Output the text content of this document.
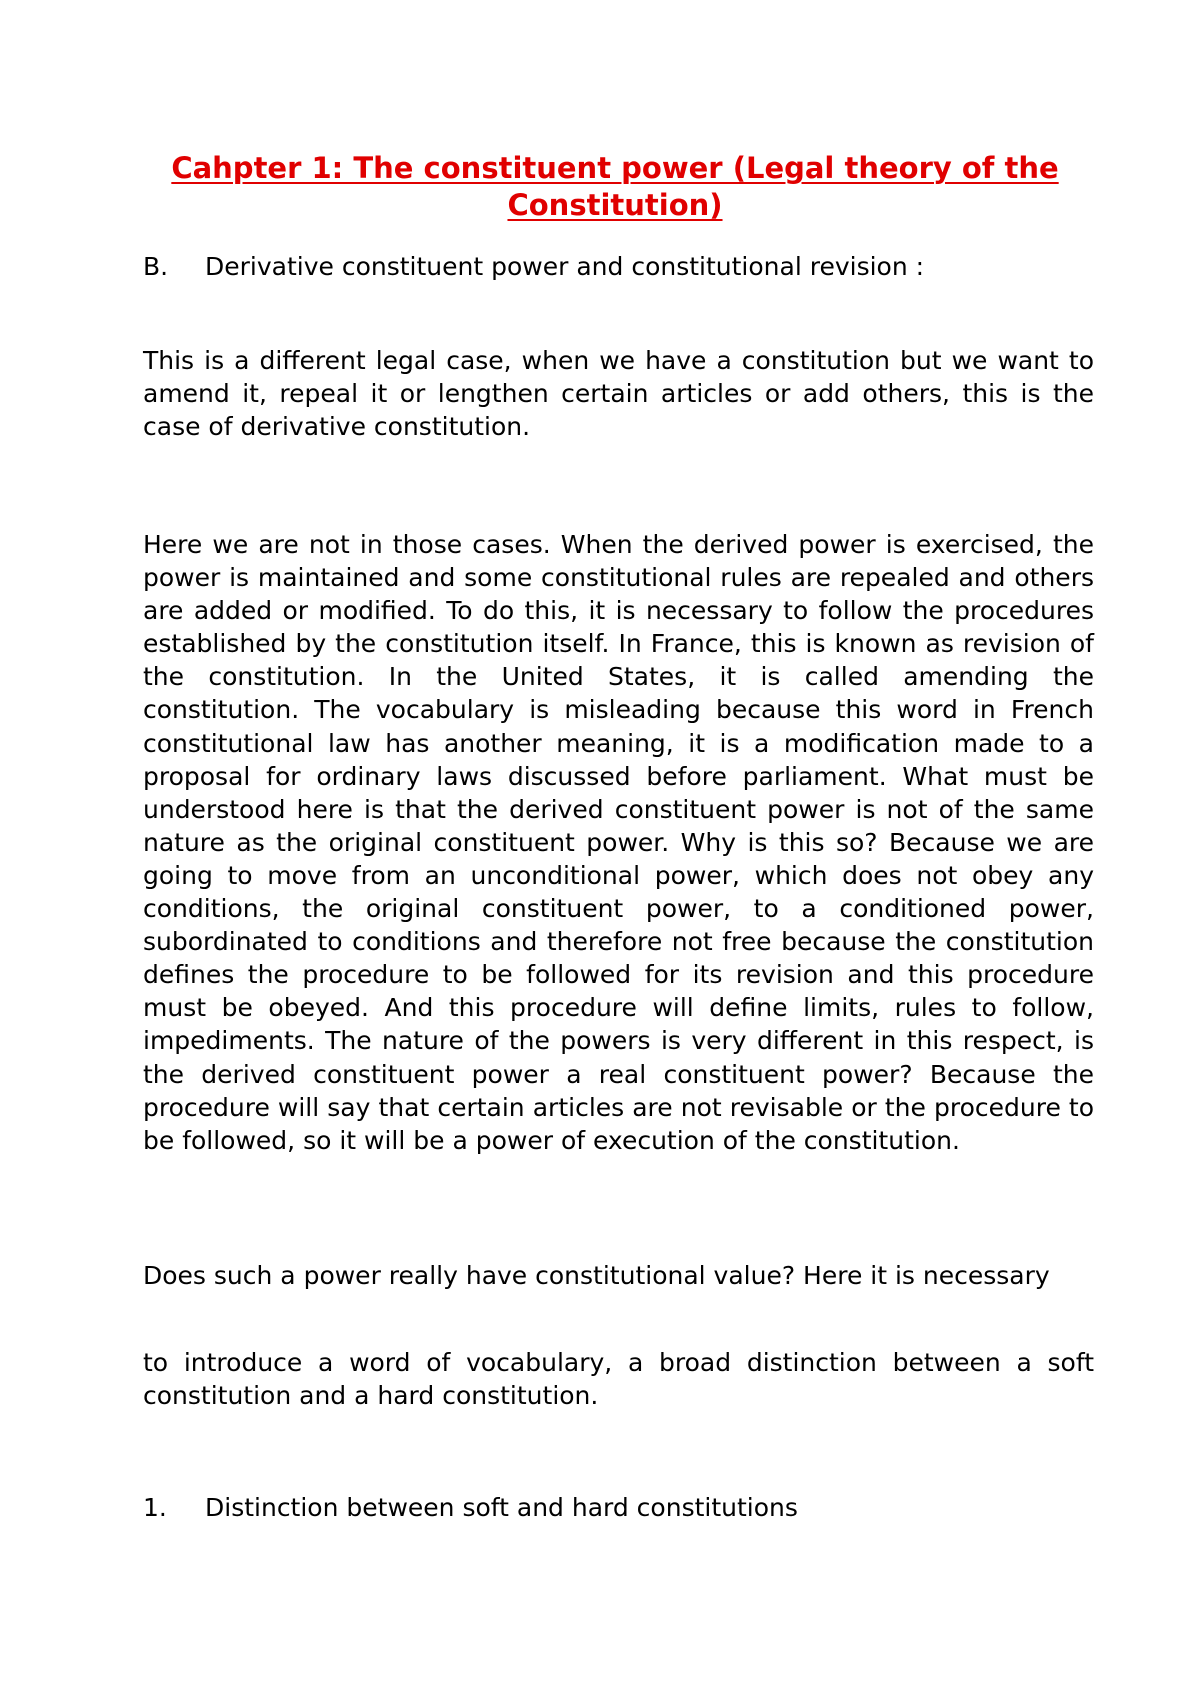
Cahpter 1: The constituent power (Legal theory of the Constitution)
B. Derivative constituent power and constitutional revision :

This is a different legal case, when we have a constitution but we want to amend it, repeal it or lengthen certain articles or add others, this is the case of derivative constitution.

Here we are not in those cases. When the derived power is exercised, the power is maintained and some constitutional rules are repealed and others are added or modified. To do this, it is necessary to follow the procedures established by the constitution itself. In France, this is known as revision of the constitution. In the United States, it is called amending the constitution. The vocabulary is misleading because this word in French constitutional law has another meaning, it is a modification made to a proposal for ordinary laws discussed before parliament. What must be understood here is that the derived constituent power is not of the same nature as the original constituent power. Why is this so? Because we are going to move from an unconditional power, which does not obey any conditions, the original constituent power, to a conditioned power, subordinated to conditions and therefore not free because the constitution defines the procedure to be followed for its revision and this procedure must be obeyed. And this procedure will define limits, rules to follow, impediments. The nature of the powers is very different in this respect, is the derived constituent power a real constituent power? Because the procedure will say that certain articles are not revisable or the procedure to be followed, so it will be a power of execution of the constitution.

Does such a power really have constitutional value? Here it is necessary

to introduce a word of vocabulary, a broad distinction between a soft constitution and a hard constitution.

1. Distinction between soft and hard constitutions
